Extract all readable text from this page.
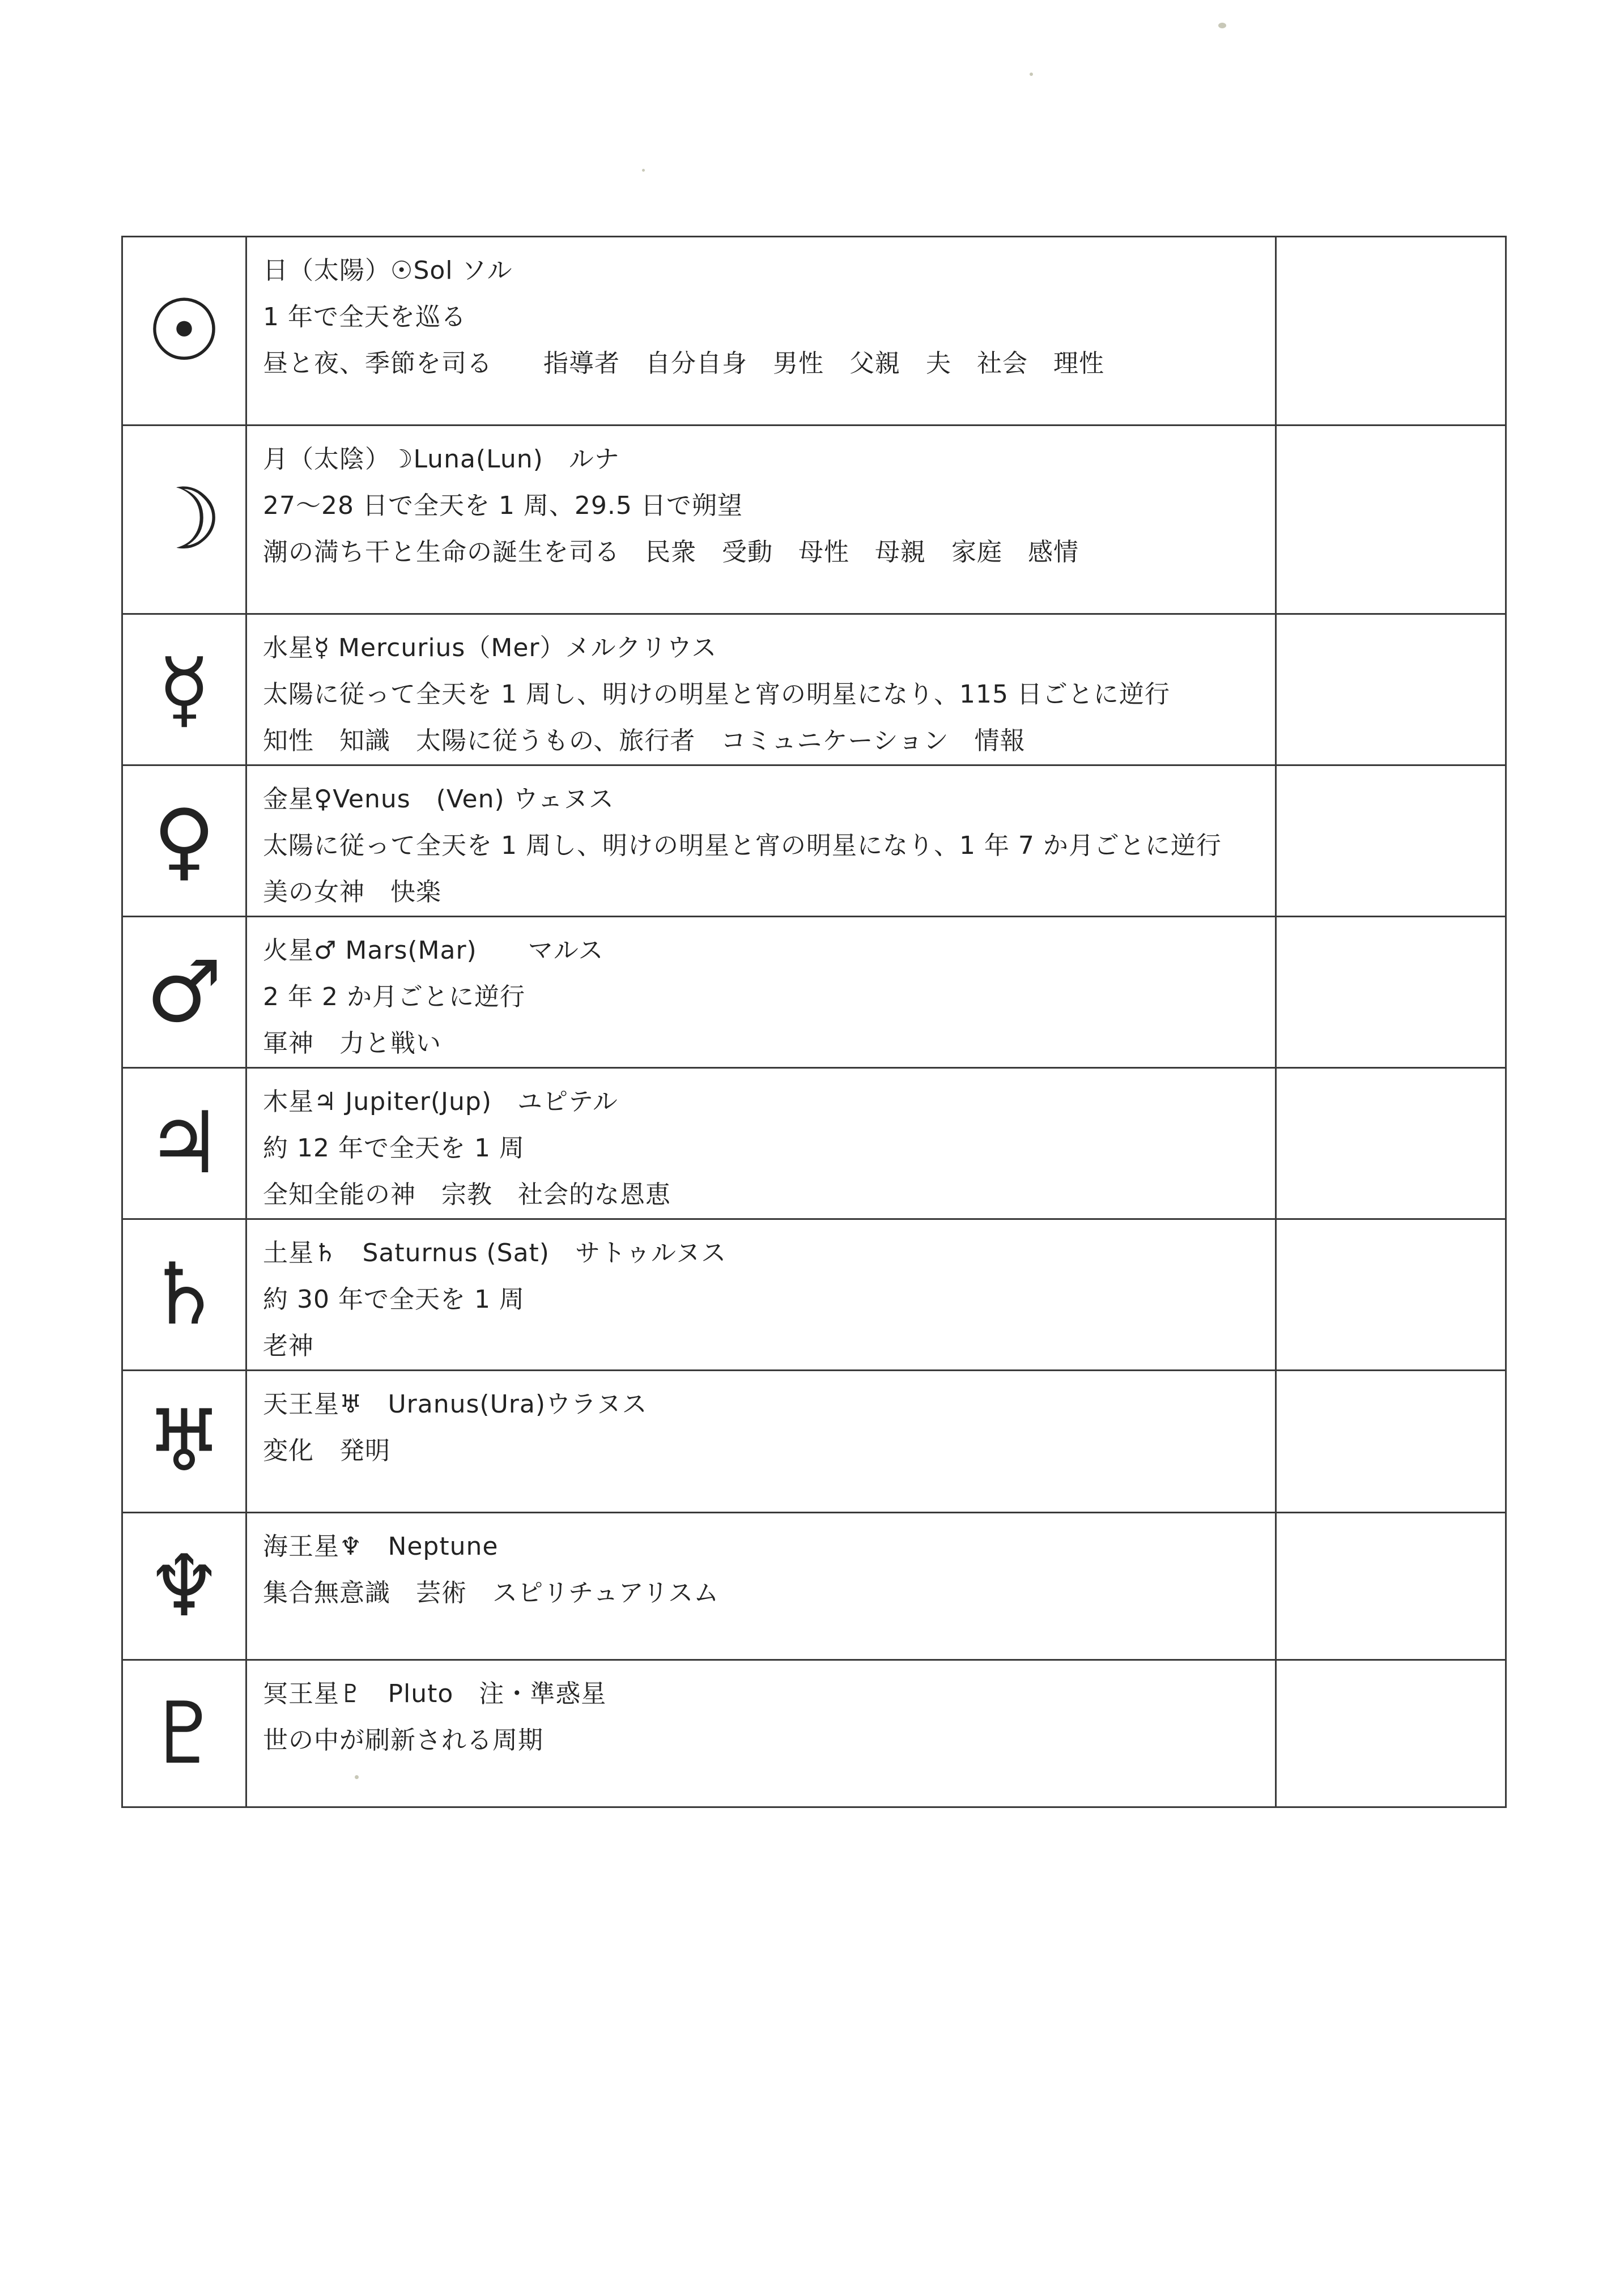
☉	日（太陽）☉Sol ソル
1 年で全天を巡る
昼と夜、季節を司る　　指導者　自分自身　男性　父親　夫　社会　理性	

☽	月（太陰）☽Luna(Lun)　ルナ
27～28 日で全天を 1 周、29.5 日で朔望
潮の満ち干と生命の誕生を司る　民衆　受動　母性　母親　家庭　感情	

☿	水星☿ Mercurius（Mer）メルクリウス
太陽に従って全天を 1 周し、明けの明星と宵の明星になり、115 日ごとに逆行
知性　知識　太陽に従うもの、旅行者　コミュニケーション　情報	

♀	金星♀Venus　(Ven) ウェヌス
太陽に従って全天を 1 周し、明けの明星と宵の明星になり、1 年 7 か月ごとに逆行
美の女神　快楽	

♂	火星♂ Mars(Mar)　　マルス
2 年 2 か月ごとに逆行
軍神　力と戦い	

♃	木星♃ Jupiter(Jup)　ユピテル
約 12 年で全天を 1 周
全知全能の神　宗教　社会的な恩恵	

♄	土星♄　Saturnus (Sat)　サトゥルヌス
約 30 年で全天を 1 周
老神	

♅	天王星♅　Uranus(Ura)ウラヌス
変化　発明	

♆	海王星♆　Neptune
集合無意識　芸術　スピリチュアリスム	

♇	冥王星♇　Pluto　注・準惑星
世の中が刷新される周期	
